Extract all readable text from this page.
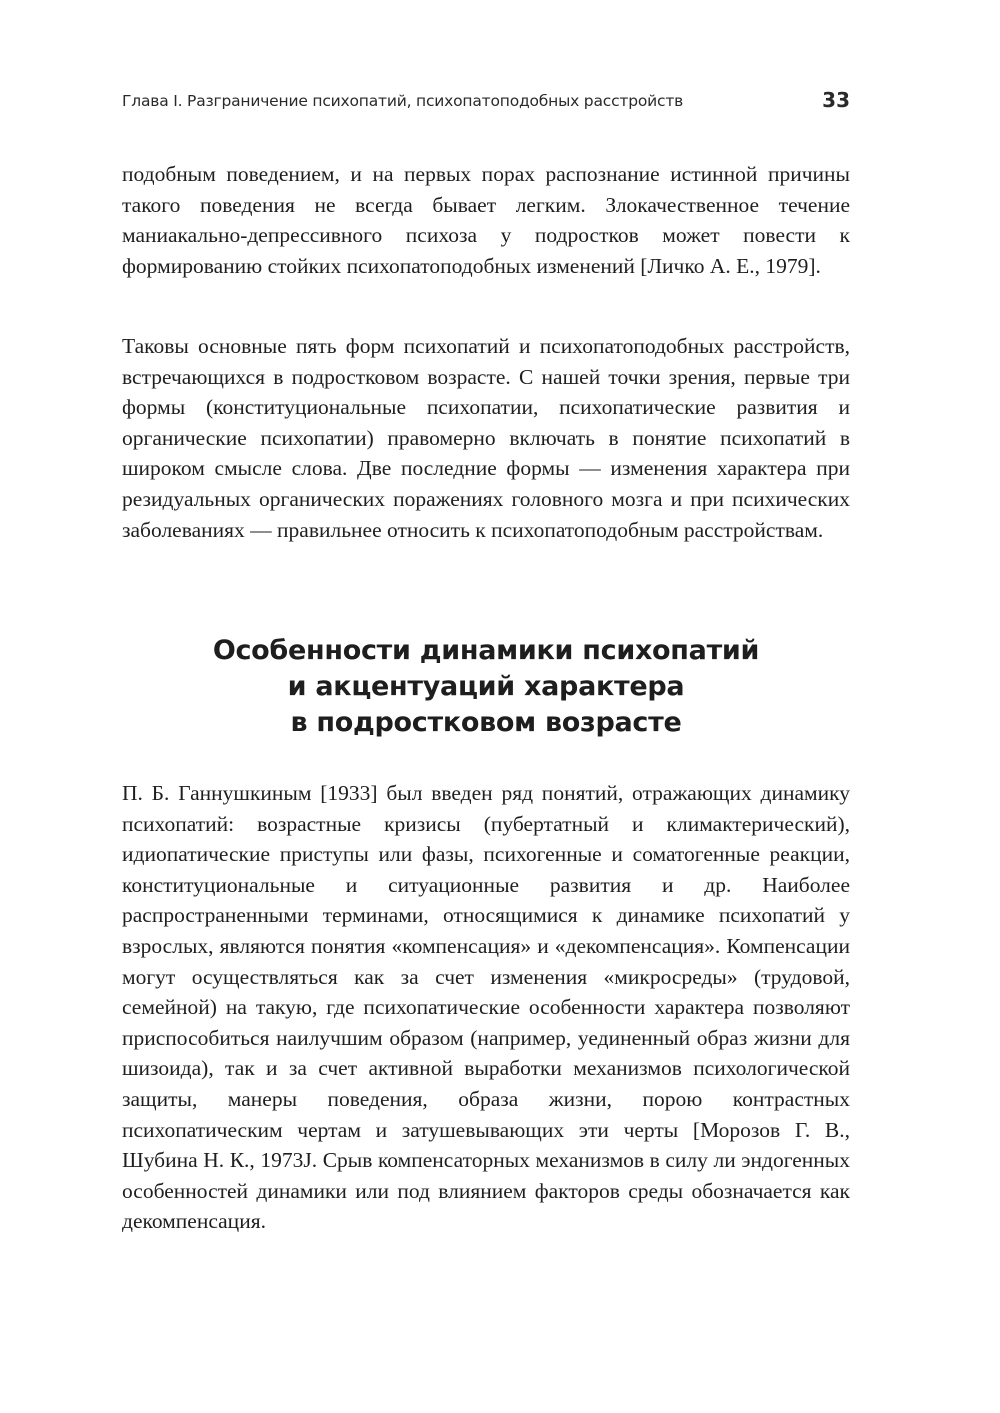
Глава I. Разграничение психопатий, психопатоподобных расстройств	33

подобным поведением, и на первых порах распознание истинной причины такого поведения не всегда бывает легким. Злокачественное течение маниакально-депрессивного психоза у подростков может повести к формированию стойких психопатоподобных изменений [Личко А. Е., 1979].

Таковы основные пять форм психопатий и психопатоподобных расстройств, встречающихся в подростковом возрасте. С нашей точки зрения, первые три формы (конституциональные психопатии, психопатические развития и органические психопатии) правомерно включать в понятие психопатий в широком смысле слова. Две последние формы — изменения характера при резидуальных органических поражениях головного мозга и при психических заболеваниях — правильнее относить к психопатоподобным расстройствам.

Особенности динамики психопатий
и акцентуаций характера
в подростковом возрасте

П. Б. Ганнушкиным [1933] был введен ряд понятий, отражающих динамику психопатий: возрастные кризисы (пубертатный и климактерический), идиопатические приступы или фазы, психогенные и соматогенные реакции, конституциональные и ситуационные развития и др. Наиболее распространенными терминами, относящимися к динамике психопатий у взрослых, являются понятия «компенсация» и «декомпенсация». Компенсации могут осуществляться как за счет изменения «микросреды» (трудовой, семейной) на такую, где психопатические особенности характера позволяют приспособиться наилучшим образом (например, уединенный образ жизни для шизоида), так и за счет активной выработки механизмов психологической защиты, манеры поведения, образа жизни, порою контрастных психопатическим чертам и затушевывающих эти черты [Морозов Г. В., Шубина Н. К., 1973J. Срыв компенсаторных механизмов в силу ли эндогенных особенностей динамики или под влиянием факторов среды обозначается как декомпенсация.
